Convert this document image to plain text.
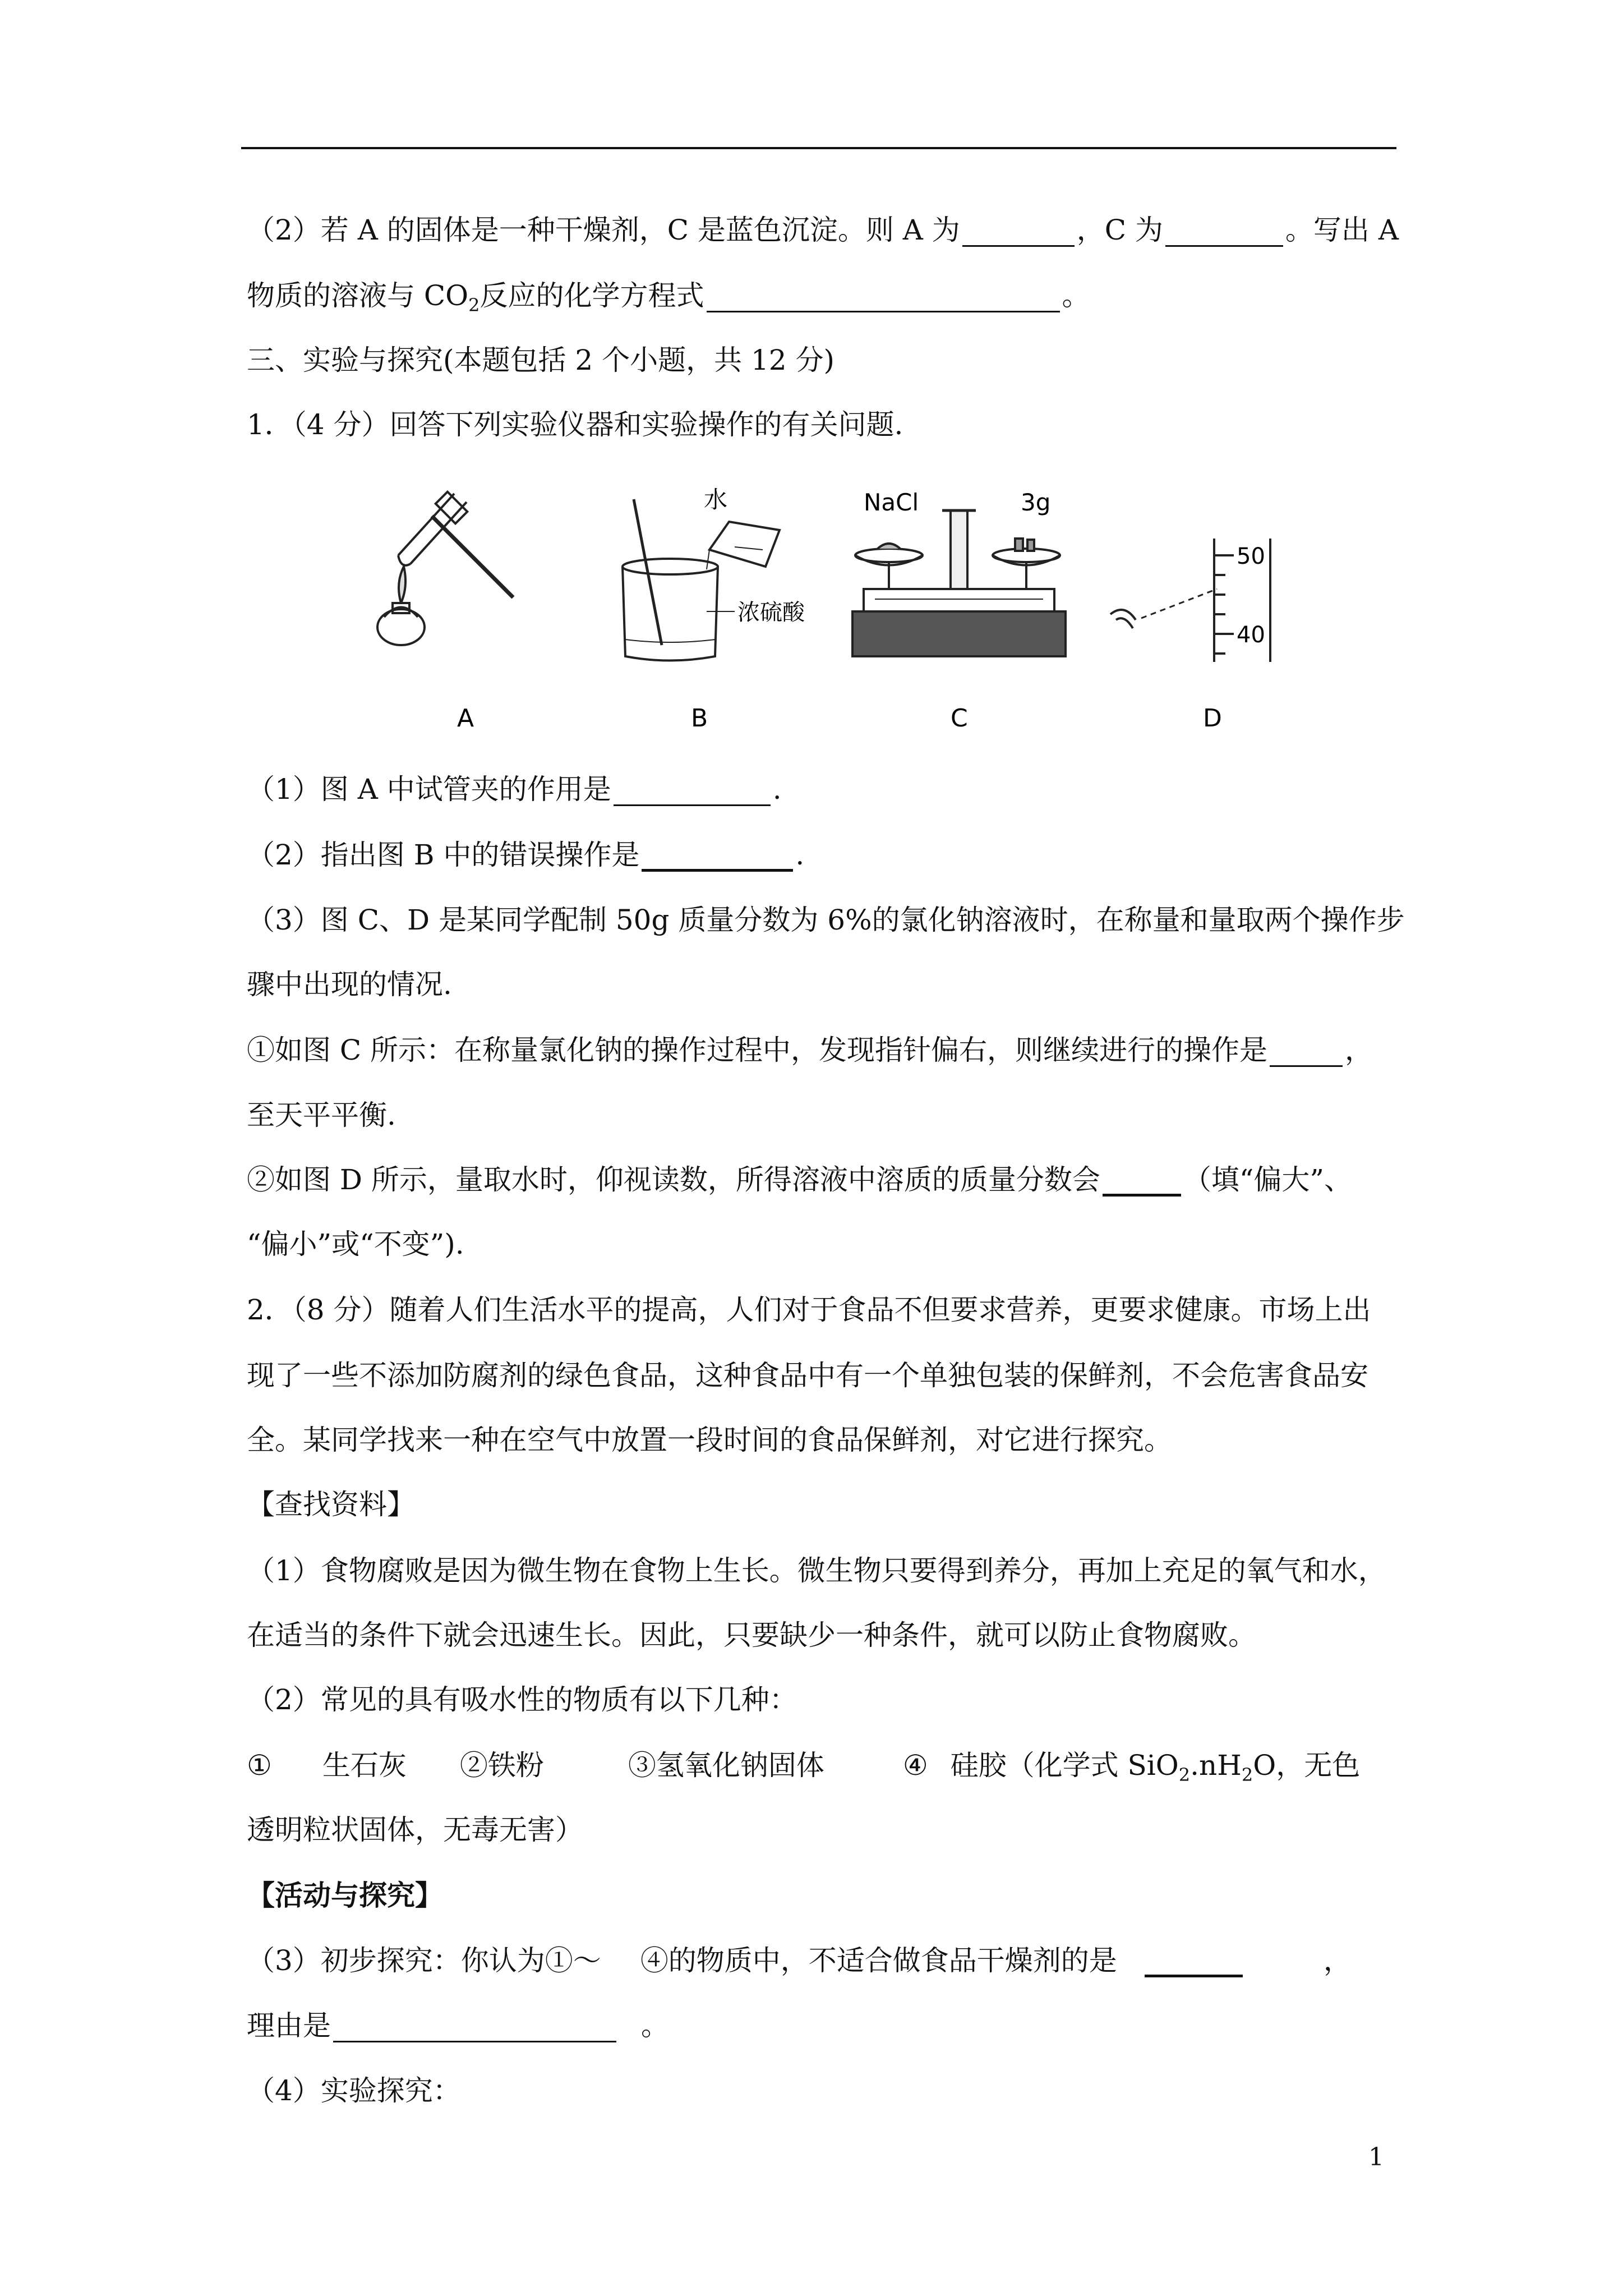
（2）若 A 的固体是一种干燥剂，C 是蓝色沉淀。则 A 为	，C 为	。写出 A
物质的溶液与 $CO_2$反应的化学方程式	。
三、实验与探究(本题包括 2 个小题，共 12 分)
1．（4 分）回答下列实验仪器和实验操作的有关问题.
水
浓硫酸
NaCl	3g
50
40
A	B	C	D
（1）图 A 中试管夹的作用是	.
（2）指出图 B 中的错误操作是	.
（3）图 C、D 是某同学配制 50g 质量分数为 6%的氯化钠溶液时，在称量和量取两个操作步
骤中出现的情况.
①如图 C 所示：在称量氯化钠的操作过程中，发现指针偏右，则继续进行的操作是	，
至天平平衡.
②如图 D 所示，量取水时，仰视读数，所得溶液中溶质的质量分数会	（填“偏大”、
“偏小”或“不变”).
2．（8 分）随着人们生活水平的提高，人们对于食品不但要求营养，更要求健康。市场上出
现了一些不添加防腐剂的绿色食品，这种食品中有一个单独包装的保鲜剂，不会危害食品安
全。某同学找来一种在空气中放置一段时间的食品保鲜剂，对它进行探究。
【查找资料】
（1）食物腐败是因为微生物在食物上生长。微生物只要得到养分，再加上充足的氧气和水，
在适当的条件下就会迅速生长。因此，只要缺少一种条件，就可以防止食物腐败。
（2）常见的具有吸水性的物质有以下几种：
① 生石灰 ②铁粉	③氢氧化钠固体	④ 硅胶（化学式 $SiO_2.nH_2O$，无色
透明粒状固体，无毒无害）
【活动与探究】
（3）初步探究：你认为①～ ④的物质中，不适合做食品干燥剂的是	，
理由是	。
（4）实验探究：
1
